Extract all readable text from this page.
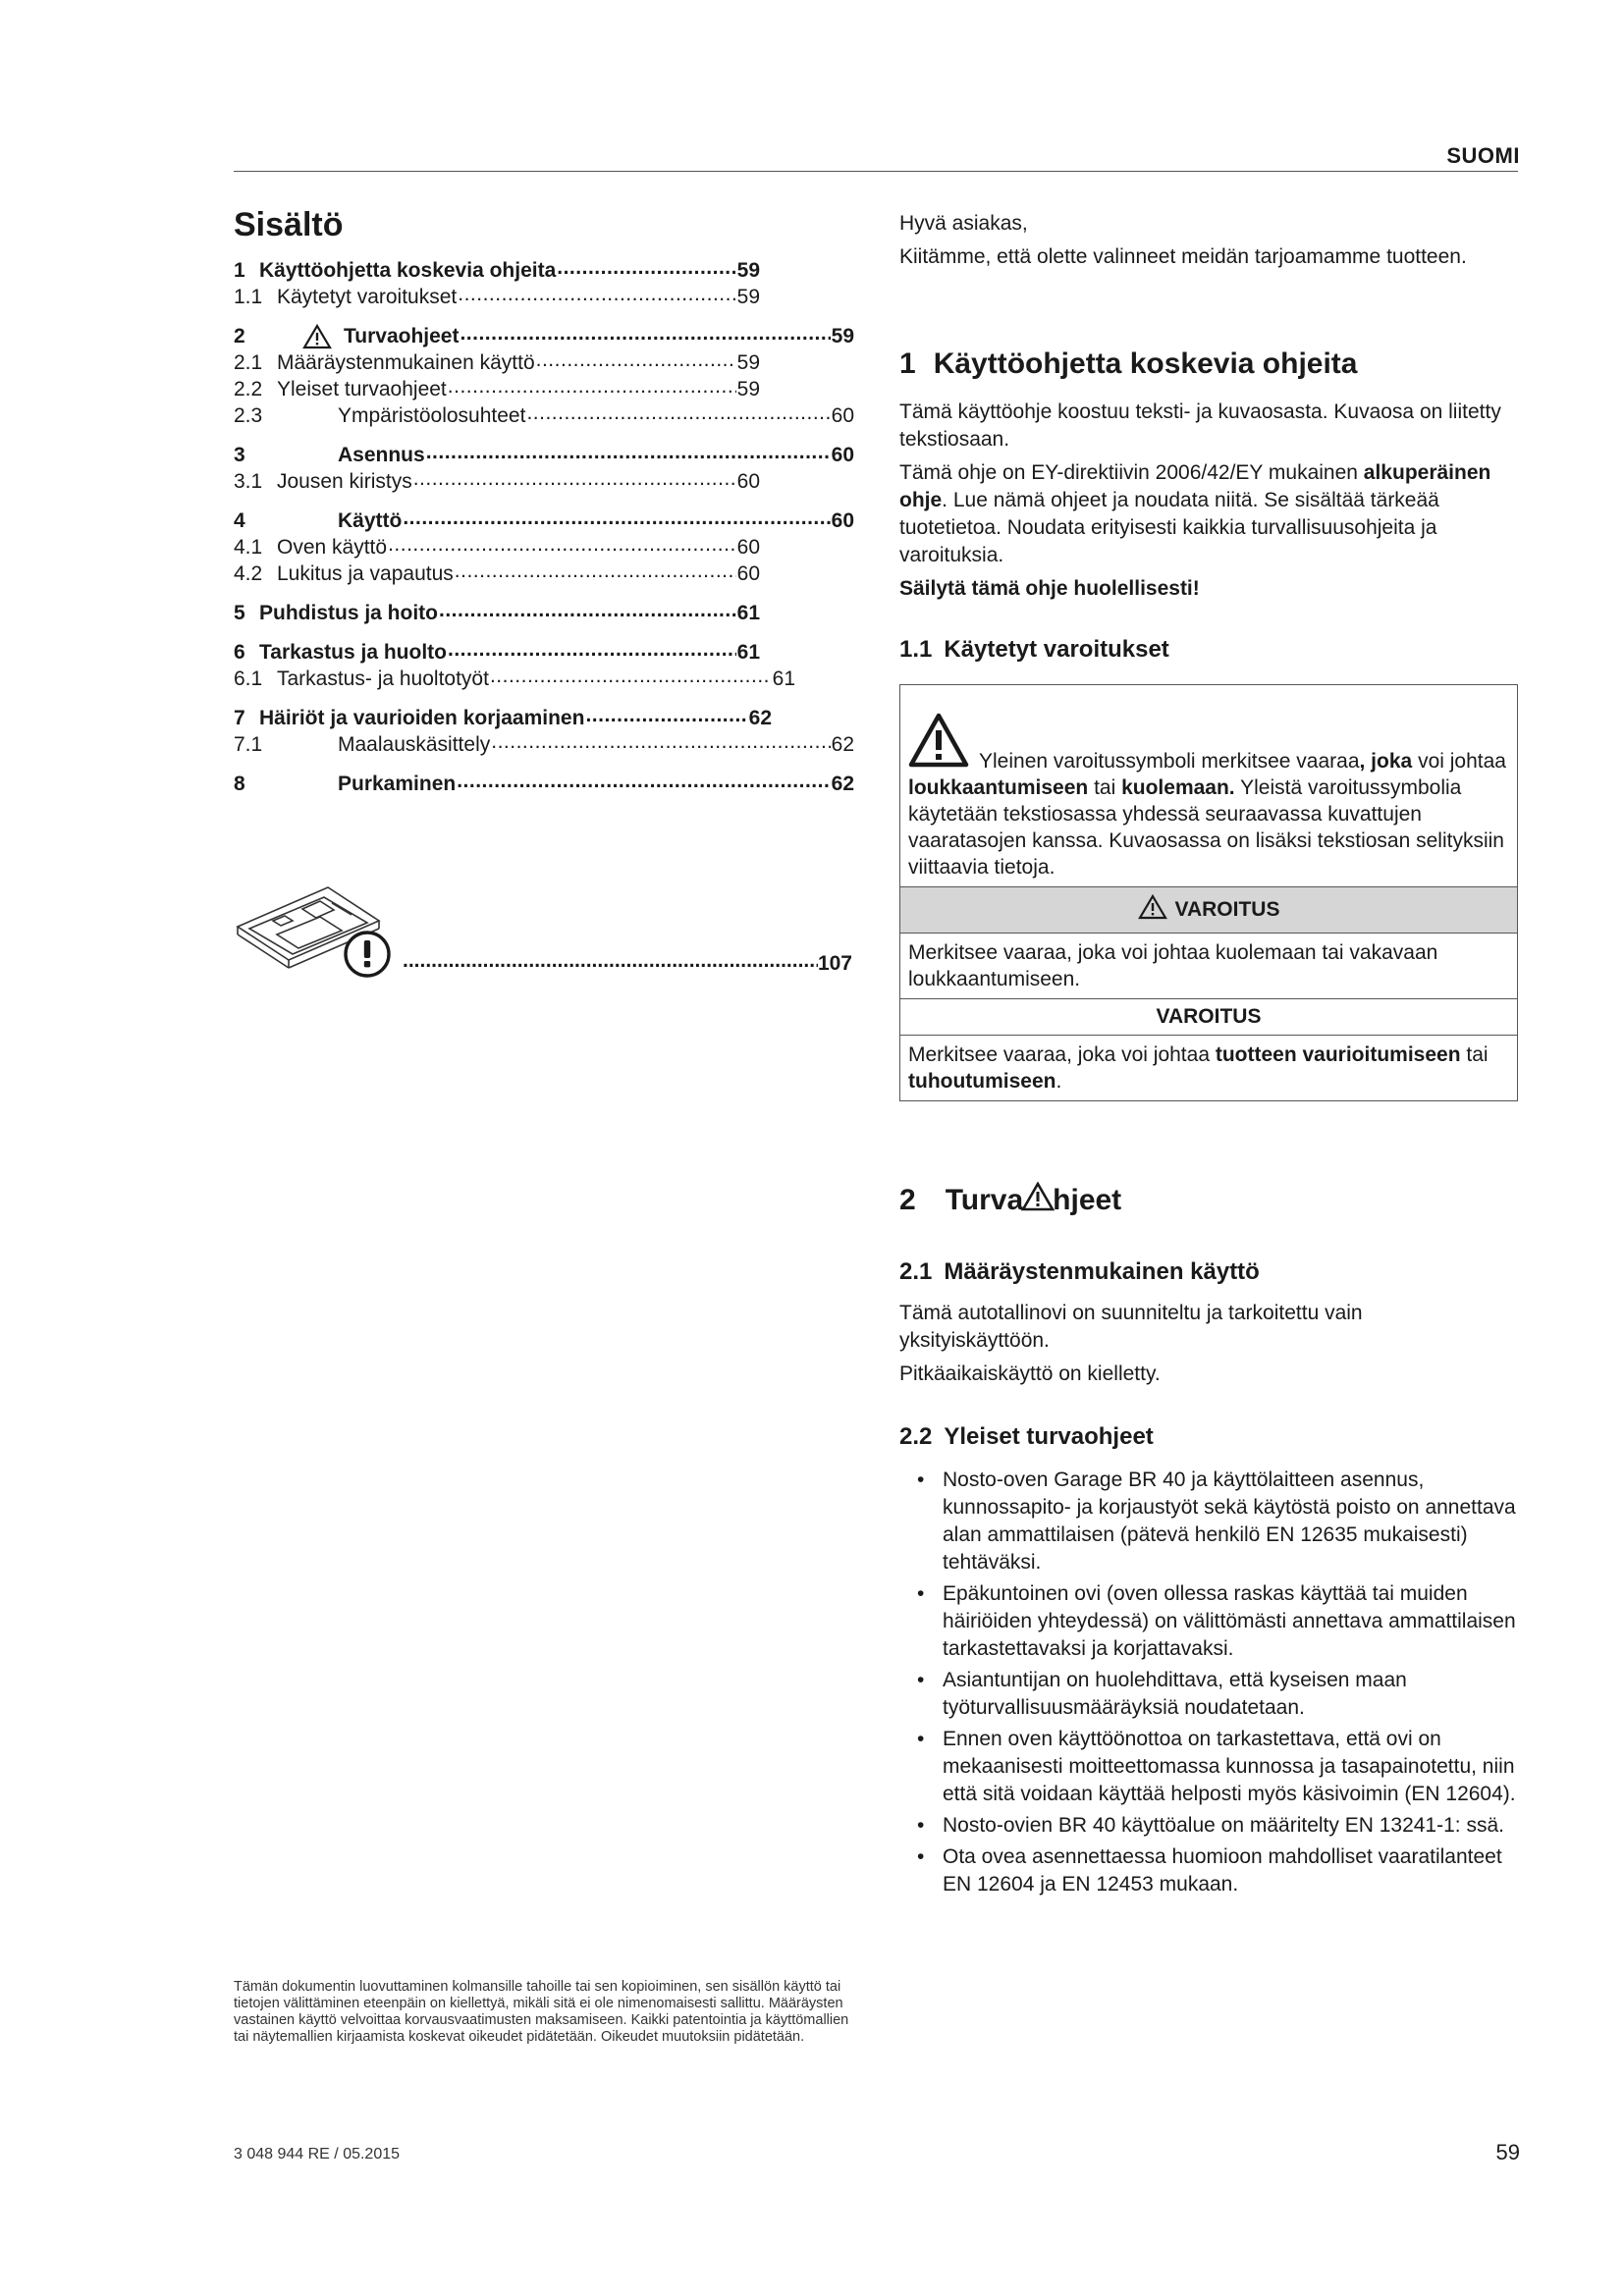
SUOMI
Sisältö
1 Käyttöohjetta koskevia ohjeita .....	59
1.1 Käytetyt varoitukset .....	59
2	Turvaohjeet .....	59
2.1 Määräystenmukainen käyttö .....	59
2.2 Yleiset turvaohjeet .....	59
2.3	Ympäristöolosuhteet .....	60
3	Asennus .....	60
3.1 Jousen kiristys .....	60
4	Käyttö .....	60
4.1 Oven käyttö .....	60
4.2 Lukitus ja vapautus .....	60
5 Puhdistus ja hoito .....	61
6 Tarkastus ja huolto .....	61
6.1 Tarkastus- ja huoltotyöt .....	61
7 Häiriöt ja vaurioiden korjaaminen .....	62
7.1	Maalauskäsittely .....	62
8	Purkaminen .....	62
.....
107
Tämän dokumentin luovuttaminen kolmansille tahoille tai sen kopioiminen, sen sisällön käyttö tai tietojen välittäminen eteenpäin on kiellettyä, mikäli sitä ei ole nimenomaisesti sallittu. Määräysten vastainen käyttö velvoittaa korvausvaatimusten maksamiseen. Kaikki patentointia ja käyttömallien tai näytemallien kirjaamista koskevat oikeudet pidätetään. Oikeudet muutoksiin pidätetään.
3 048 944 RE / 05.2015	59

Hyvä asiakas,

Kiitämme, että olette valinneet meidän tarjoamamme tuotteen.

1 Käyttöohjetta koskevia ohjeita

Tämä käyttöohje koostuu teksti- ja kuvaosasta. Kuvaosa on liitetty tekstiosaan.

Tämä ohje on EY-direktiivin 2006/42/EY mukainen alkuperäinen ohje. Lue nämä ohjeet ja noudata niitä. Se sisältää tärkeää tuotetietoa. Noudata erityisesti kaikkia turvallisuusohjeita ja varoituksia.

Säilytä tämä ohje huolellisesti!

1.1 Käytetyt varoitukset
Yleinen varoitussymboli merkitsee vaaraa, joka voi johtaa loukkaantumiseen tai kuolemaan. Yleistä varoitussymbolia käytetään tekstiosassa yhdessä seuraavassa kuvattujen vaaratasojen kanssa. Kuvaosassa on lisäksi tekstiosan selityksiin viittaavia tietoja.
VAROITUS
Merkitsee vaaraa, joka voi johtaa kuolemaan tai vakavaan loukkaantumiseen.
VAROITUS
Merkitsee vaaraa, joka voi johtaa tuotteen vaurioitumiseen tai tuhoutumiseen.
2 Turva hjeet
2.1 Määräystenmukainen käyttö

Tämä autotallinovi on suunniteltu ja tarkoitettu vain yksityiskäyttöön.

Pitkäaikaiskäyttö on kielletty.

2.2 Yleiset turvaohjeet
• Nosto-oven Garage BR 40 ja käyttölaitteen asennus, kunnossapito- ja korjaustyöt sekä käytöstä poisto on annettava alan ammattilaisen (pätevä henkilö EN 12635 mukaisesti) tehtäväksi.
• Epäkuntoinen ovi (oven ollessa raskas käyttää tai muiden häiriöiden yhteydessä) on välittömästi annettava ammattilaisen tarkastettavaksi ja korjattavaksi.
• Asiantuntijan on huolehdittava, että kyseisen maan työturvallisuusmääräyksiä noudatetaan.
• Ennen oven käyttöönottoa on tarkastettava, että ovi on mekaanisesti moitteettomassa kunnossa ja tasapainotettu, niin että sitä voidaan käyttää helposti myös käsivoimin (EN 12604).
• Nosto-ovien BR 40 käyttöalue on määritelty EN 13241-1: ssä.
• Ota ovea asennettaessa huomioon mahdolliset vaaratilanteet EN 12604 ja EN 12453 mukaan.
